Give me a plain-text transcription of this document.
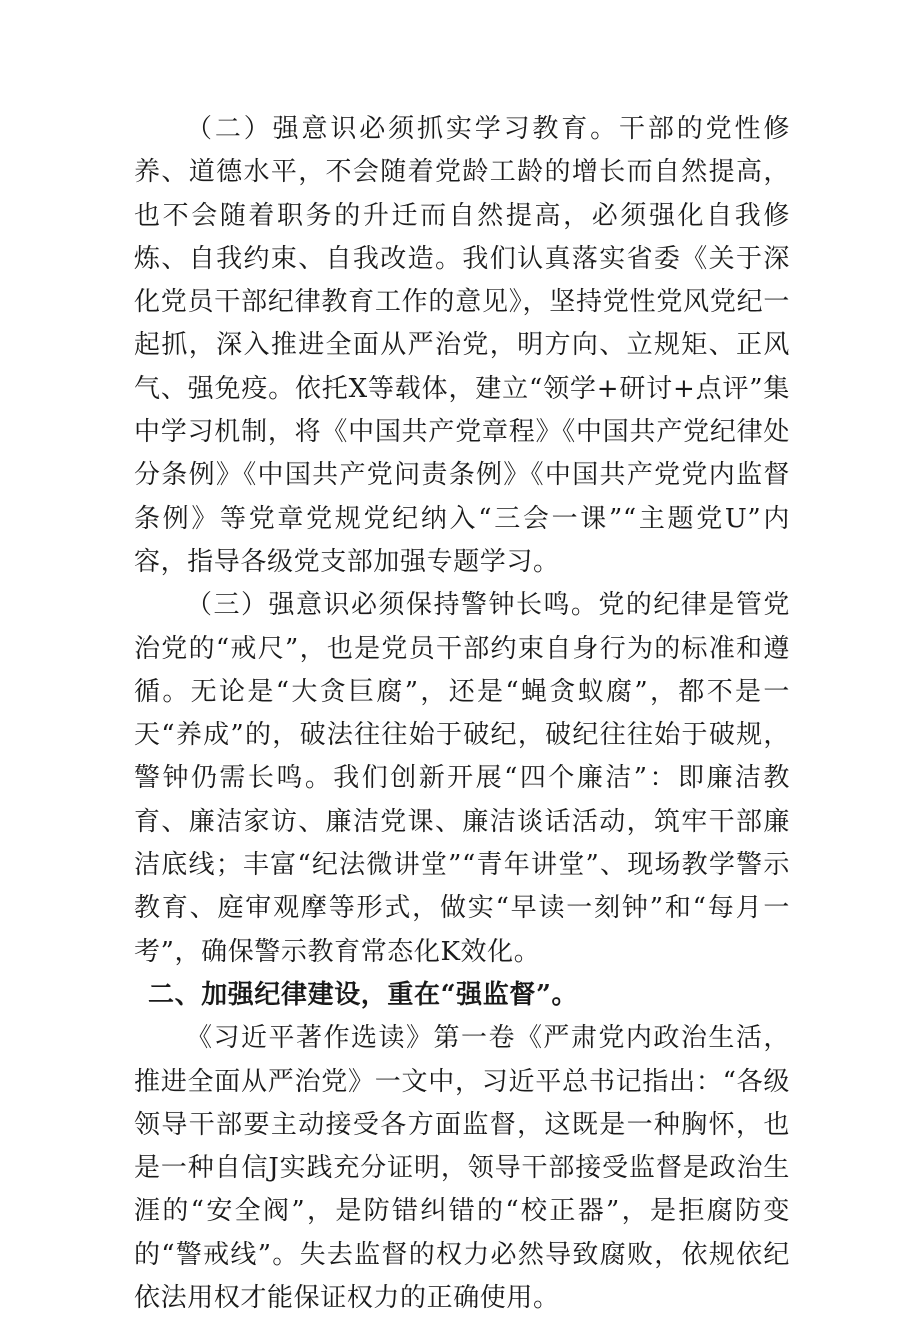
（二）强意识必须抓实学习教育。干部的党性修养、道德水平，不会随着党龄工龄的增长而自然提高，也不会随着职务的升迁而自然提高，必须强化自我修炼、自我约束、自我改造。我们认真落实省委《关于深化党员干部纪律教育工作的意见》，坚持党性党风党纪一起抓，深入推进全面从严治党，明方向、立规矩、正风气、强免疫。依托X等载体，建立“领学+研讨+点评”集中学习机制，将《中国共产党章程》《中国共产党纪律处分条例》《中国共产党问责条例》《中国共产党党内监督条例》等党章党规党纪纳入“三会一课”“主题党U”内容，指导各级党支部加强专题学习。

（三）强意识必须保持警钟长鸣。党的纪律是管党治党的“戒尺”，也是党员干部约束自身行为的标准和遵循。无论是“大贪巨腐”，还是“蝇贪蚁腐”，都不是一天“养成”的，破法往往始于破纪，破纪往往始于破规，警钟仍需长鸣。我们创新开展“四个廉洁”：即廉洁教育、廉洁家访、廉洁党课、廉洁谈话活动，筑牢干部廉洁底线；丰富“纪法微讲堂”“青年讲堂”、现场教学警示教育、庭审观摩等形式，做实“早读一刻钟”和“每月一考”，确保警示教育常态化K效化。

二、加强纪律建设，重在“强监督”。

《习近平著作选读》第一卷《严肃党内政治生活，推进全面从严治党》一文中，习近平总书记指出：“各级领导干部要主动接受各方面监督，这既是一种胸怀，也是一种自信J实践充分证明，领导干部接受监督是政治生涯的“安全阀”，是防错纠错的“校正器”，是拒腐防变的“警戒线”。失去监督的权力必然导致腐败，依规依纪依法用权才能保证权力的正确使用。
